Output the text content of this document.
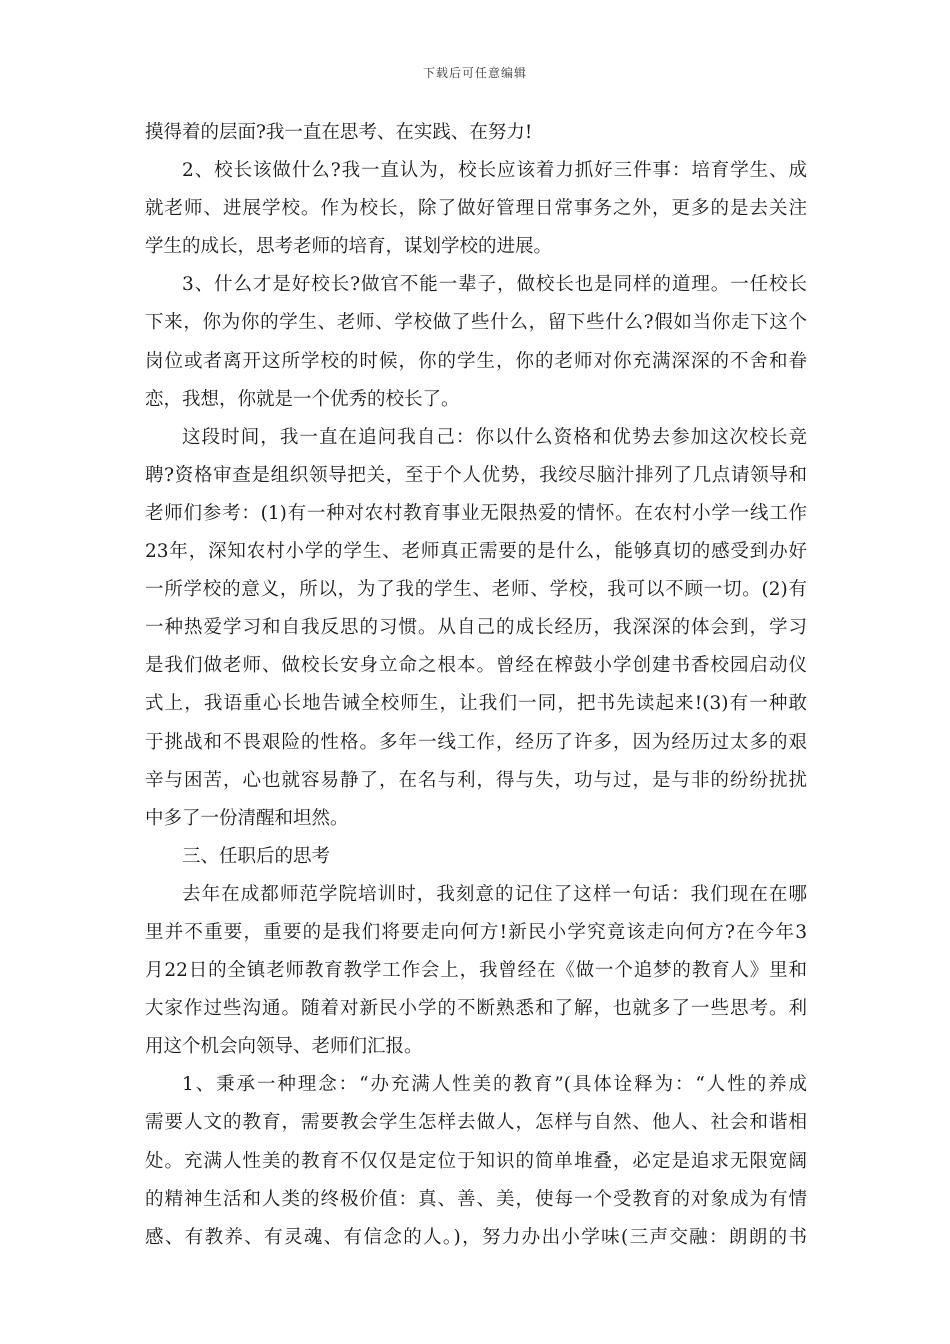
下载后可任意编辑
摸得着的层面?我一直在思考、在实践、在努力!
2、校长该做什么?我一直认为，校长应该着力抓好三件事：培育学生、成
就老师、进展学校。作为校长，除了做好管理日常事务之外，更多的是去关注
学生的成长，思考老师的培育，谋划学校的进展。
3、什么才是好校长?做官不能一辈子，做校长也是同样的道理。一任校长
下来，你为你的学生、老师、学校做了些什么，留下些什么?假如当你走下这个
岗位或者离开这所学校的时候，你的学生，你的老师对你充满深深的不舍和眷
恋，我想，你就是一个优秀的校长了。
这段时间，我一直在追问我自己：你以什么资格和优势去参加这次校长竞
聘?资格审查是组织领导把关，至于个人优势，我绞尽脑汁排列了几点请领导和
老师们参考：(1)有一种对农村教育事业无限热爱的情怀。在农村小学一线工作
23年，深知农村小学的学生、老师真正需要的是什么，能够真切的感受到办好
一所学校的意义，所以，为了我的学生、老师、学校，我可以不顾一切。(2)有
一种热爱学习和自我反思的习惯。从自己的成长经历，我深深的体会到，学习
是我们做老师、做校长安身立命之根本。曾经在榨鼓小学创建书香校园启动仪
式上，我语重心长地告诫全校师生，让我们一同，把书先读起来!(3)有一种敢
于挑战和不畏艰险的性格。多年一线工作，经历了许多，因为经历过太多的艰
辛与困苦，心也就容易静了，在名与利，得与失，功与过，是与非的纷纷扰扰
中多了一份清醒和坦然。
三、任职后的思考
去年在成都师范学院培训时，我刻意的记住了这样一句话：我们现在在哪
里并不重要，重要的是我们将要走向何方!新民小学究竟该走向何方?在今年3
月22日的全镇老师教育教学工作会上，我曾经在《做一个追梦的教育人》里和
大家作过些沟通。随着对新民小学的不断熟悉和了解，也就多了一些思考。利
用这个机会向领导、老师们汇报。
1、秉承一种理念：“办充满人性美的教育”(具体诠释为：“人性的养成
需要人文的教育，需要教会学生怎样去做人，怎样与自然、他人、社会和谐相
处。充满人性美的教育不仅仅是定位于知识的简单堆叠，必定是追求无限宽阔
的精神生活和人类的终极价值：真、善、美，使每一个受教育的对象成为有情
感、有教养、有灵魂、有信念的人。)，努力办出小学味(三声交融：朗朗的书
